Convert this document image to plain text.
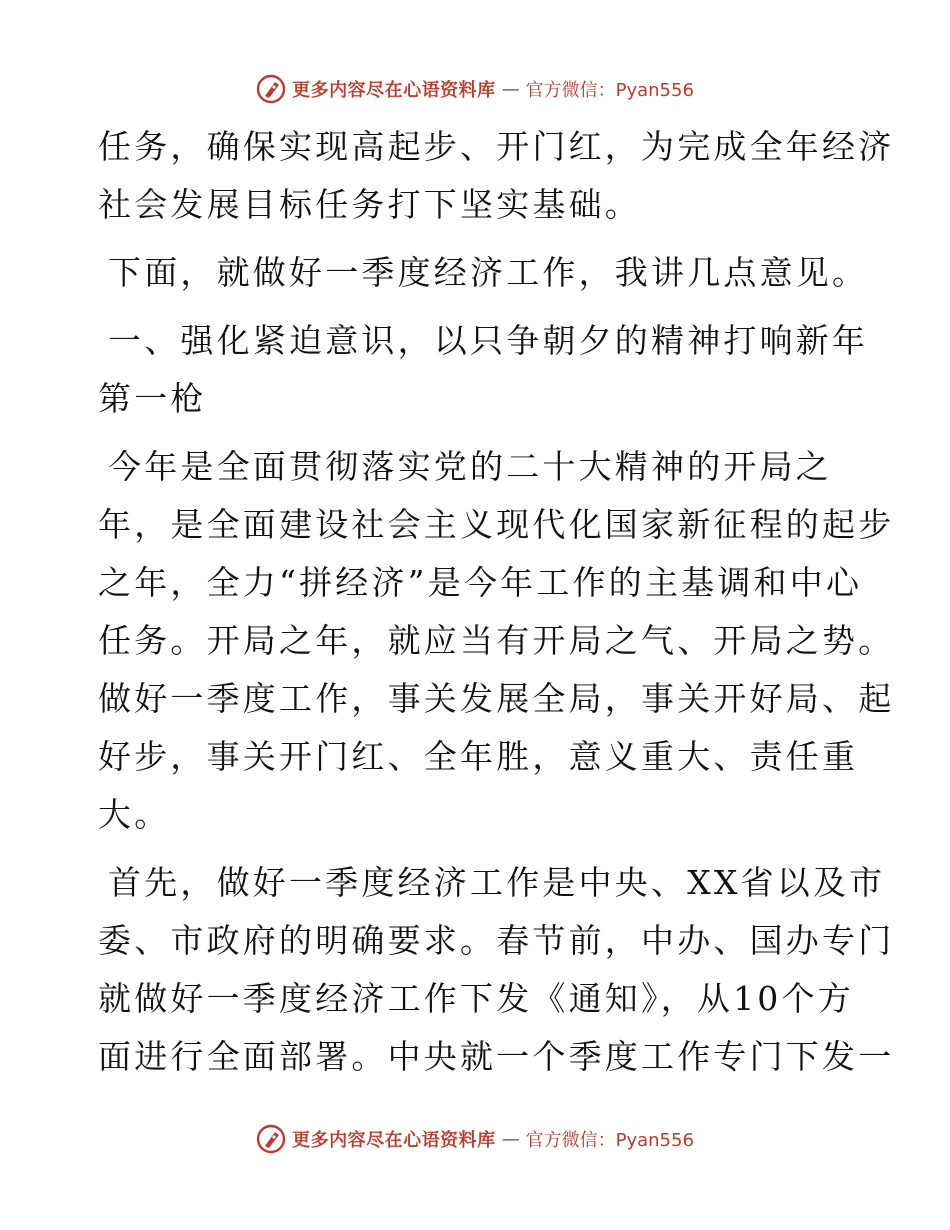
更多内容尽在心语资料库 — 官方微信：Pyan556

任务，确保实现高起步、开门红，为完成全年经济
社会发展目标任务打下坚实基础。

下面，就做好一季度经济工作，我讲几点意见。

一、强化紧迫意识，以只争朝夕的精神打响新年
第一枪

今年是全面贯彻落实党的二十大精神的开局之
年，是全面建设社会主义现代化国家新征程的起步
之年，全力“拼经济”是今年工作的主基调和中心
任务。开局之年，就应当有开局之气、开局之势。
做好一季度工作，事关发展全局，事关开好局、起
好步，事关开门红、全年胜，意义重大、责任重
大。

首先，做好一季度经济工作是中央、XX省以及市
委、市政府的明确要求。春节前，中办、国办专门
就做好一季度经济工作下发《通知》，从10个方
面进行全面部署。中央就一个季度工作专门下发一

更多内容尽在心语资料库 — 官方微信：Pyan556
